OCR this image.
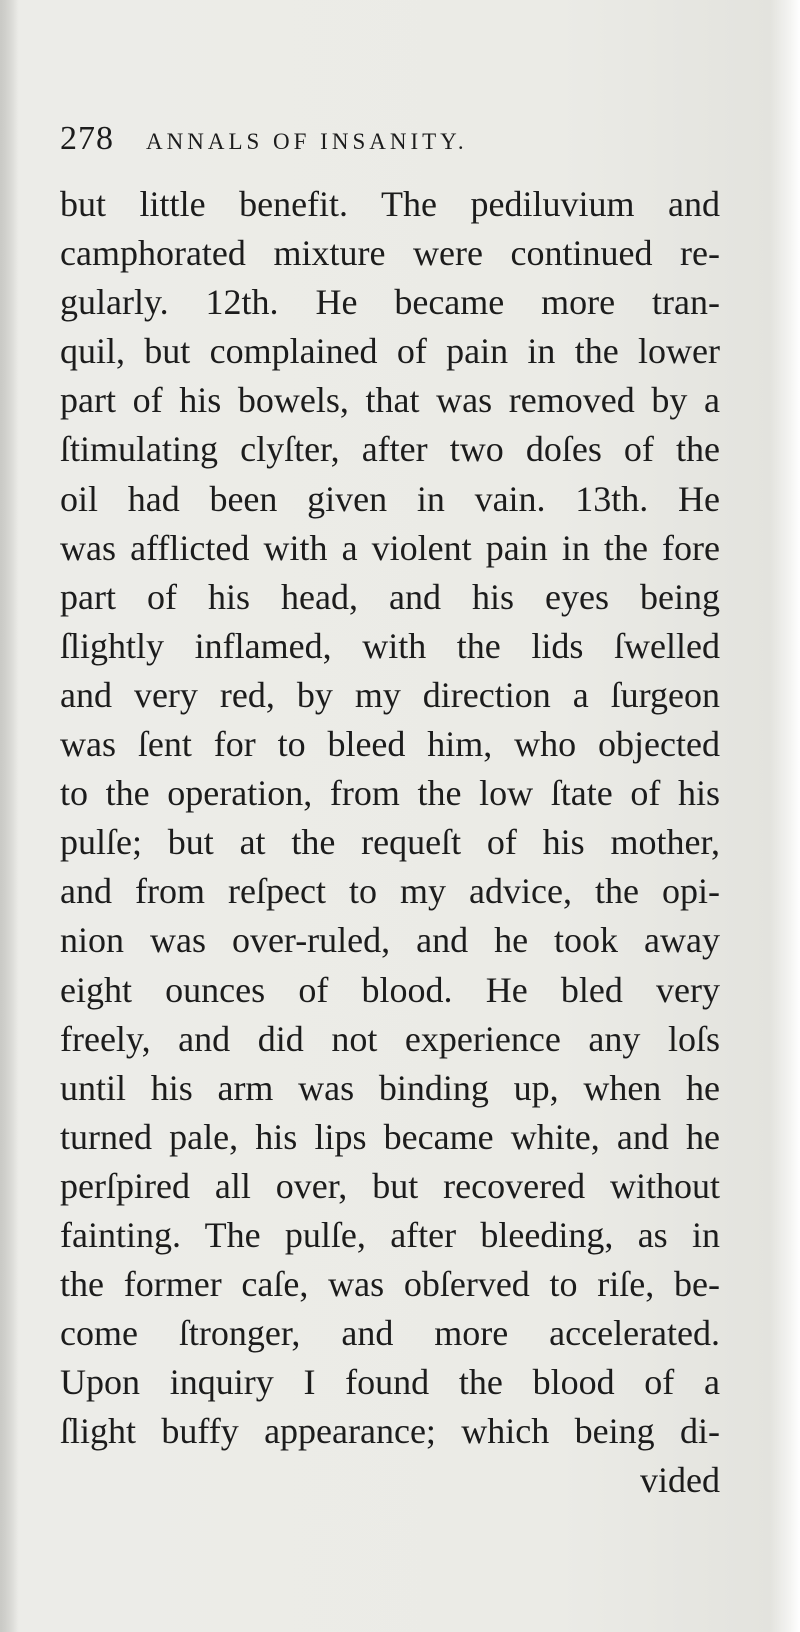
278 ANNALS OF INSANITY.
but little benefit. The pediluvium and
camphorated mixture were continued re-
gularly. 12th. He became more tran-
quil, but complained of pain in the lower
part of his bowels, that was removed by a
ſtimulating clyſter, after two doſes of the
oil had been given in vain. 13th. He
was afflicted with a violent pain in the fore
part of his head, and his eyes being
ſlightly inflamed, with the lids ſwelled
and very red, by my direction a ſurgeon
was ſent for to bleed him, who objected
to the operation, from the low ſtate of his
pulſe; but at the requeſt of his mother,
and from reſpect to my advice, the opi-
nion was over-ruled, and he took away
eight ounces of blood. He bled very
freely, and did not experience any loſs
until his arm was binding up, when he
turned pale, his lips became white, and he
perſpired all over, but recovered without
fainting. The pulſe, after bleeding, as in
the former caſe, was obſerved to riſe, be-
come ſtronger, and more accelerated.
Upon inquiry I found the blood of a
ſlight buffy appearance; which being di-
vided
